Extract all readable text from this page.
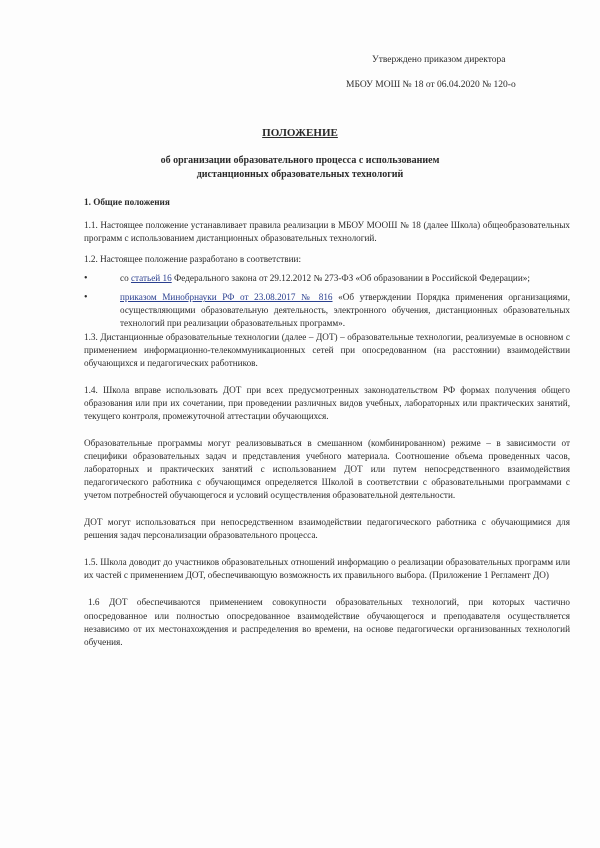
Утверждено приказом директора
МБОУ МОШ № 18 от 06.04.2020 № 120-о
ПОЛОЖЕНИЕ
об организации образовательного процесса с использованием
дистанционных образовательных технологий

1. Общие положения

1.1. Настоящее положение устанавливает правила реализации в МБОУ МООШ № 18 (далее Школа) общеобразовательных программ с использованием дистанционных образовательных технологий.

1.2. Настоящее положение разработано в соответствии:

• со статьей 16 Федерального закона от 29.12.2012 № 273-ФЗ «Об образовании в Российской Федерации»;
• приказом Минобрнауки РФ от 23.08.2017 № 816 «Об утверждении Порядка применения организациями, осуществляющими образовательную деятельность, электронного обучения, дистанционных образовательных технологий при реализации образовательных программ».

1.3. Дистанционные образовательные технологии (далее – ДОТ) – образовательные технологии, реализуемые в основном с применением информационно-телекоммуникационных сетей при опосредованном (на расстоянии) взаимодействии обучающихся и педагогических работников.

1.4. Школа вправе использовать ДОТ при всех предусмотренных законодательством РФ формах получения общего образования или при их сочетании, при проведении различных видов учебных, лабораторных или практических занятий, текущего контроля, промежуточной аттестации обучающихся.

Образовательные программы могут реализовываться в смешанном (комбинированном) режиме – в зависимости от специфики образовательных задач и представления учебного материала. Соотношение объема проведенных часов, лабораторных и практических занятий с использованием ДОТ или путем непосредственного взаимодействия педагогического работника с обучающимся определяется Школой в соответствии с образовательными программами с учетом потребностей обучающегося и условий осуществления образовательной деятельности.

ДОТ могут использоваться при непосредственном взаимодействии педагогического работника с обучающимися для решения задач персонализации образовательного процесса.

1.5. Школа доводит до участников образовательных отношений информацию о реализации образовательных программ или их частей с применением ДОТ, обеспечивающую возможность их правильного выбора. (Приложение 1 Регламент ДО)

1.6 ДОТ обеспечиваются применением совокупности образовательных технологий, при которых частично опосредованное или полностью опосредованное взаимодействие обучающегося и преподавателя осуществляется независимо от их местонахождения и распределения во времени, на основе педагогически организованных технологий обучения.
